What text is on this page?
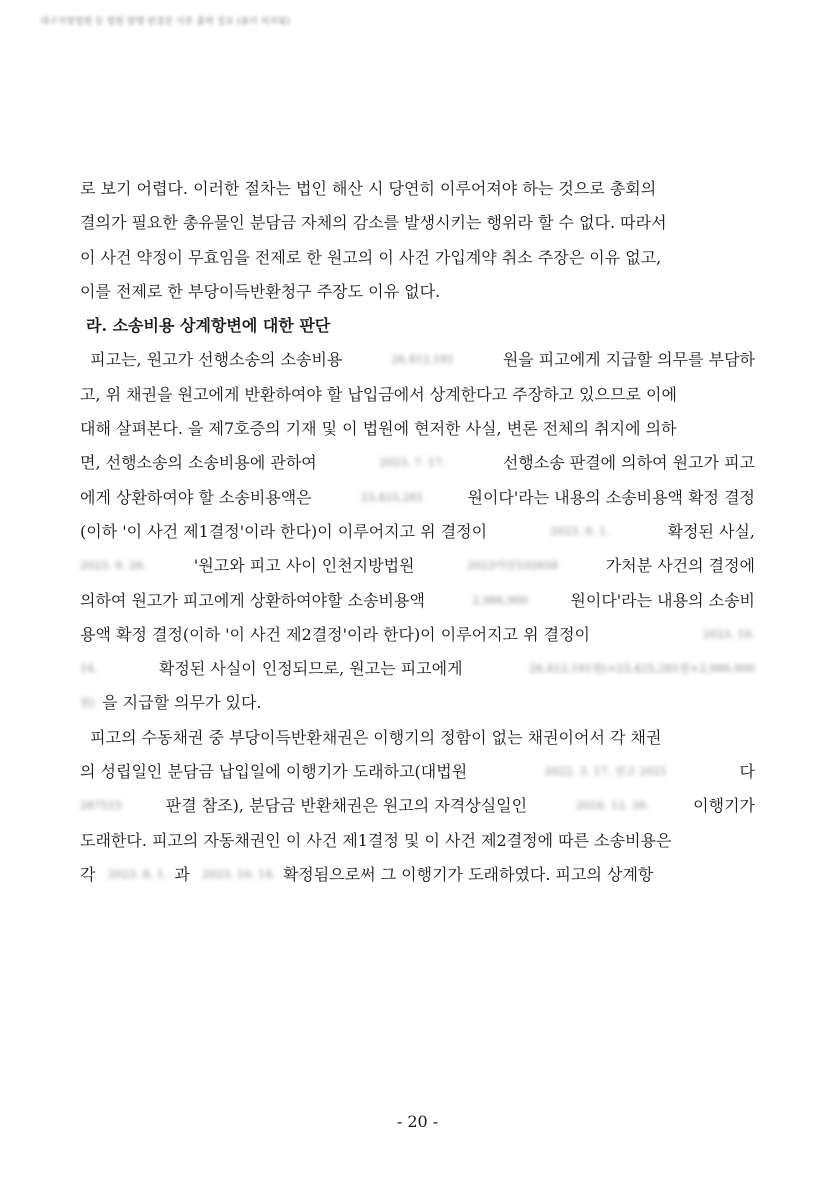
대구지방법원 등 법원 발행 판결문 사본 출력 정보 (블러 처리됨)
로 보기 어렵다. 이러한 절차는 법인 해산 시 당연히 이루어져야 하는 것으로 총회의
결의가 필요한 총유물인 분담금 자체의 감소를 발생시키는 행위라 할 수 없다. 따라서
이 사건 약정이 무효임을 전제로 한 원고의 이 사건 가입계약 취소 주장은 이유 없고,
이를 전제로 한 부당이득반환청구 주장도 이유 없다.
라. 소송비용 상계항변에 대한 판단
피고는, 원고가 선행소송의 소송비용	26,412,181	원을 피고에게 지급할 의무를 부담하
고, 위 채권을 원고에게 반환하여야 할 납입금에서 상계한다고 주장하고 있으므로 이에
대해 살펴본다. 을 제7호증의 기재 및 이 법원에 현저한 사실, 변론 전체의 취지에 의하
면, 선행소송의 소송비용에 관하여	2023. 7. 17.	선행소송 판결에 의하여 원고가 피고
에게 상환하여야 할 소송비용액은	23,425,281	원이다'라는 내용의 소송비용액 확정 결정
(이하 '이 사건 제1결정'이라 한다)이 이루어지고 위 결정이	2023. 8. 1.	확정된 사실,
2023. 9. 26.	'원고와 피고 사이 인천지방법원	2023카단102658	가처분 사건의 결정에
의하여 원고가 피고에게 상환하여야할 소송비용액	2,986,900	원이다'라는 내용의 소송비
용액 확정 결정(이하 '이 사건 제2결정'이라 한다)이 이루어지고 위 결정이	2023. 10.
14.	확정된 사실이 인정되므로, 원고는 피고에게	26,412,181원(=23,425,281원+2,986,900
원) 을 지급할 의무가 있다.
피고의 수동채권 중 부당이득반환채권은 이행기의 정함이 없는 채권이어서 각 채권
의 성립일인 분담금 납입일에 이행기가 도래하고(대법원	2022. 3. 17. 선고 2021	다
287515	판결 참조), 분담금 반환채권은 원고의 자격상실일인	2016. 12. 30.	이행기가
도래한다. 피고의 자동채권인 이 사건 제1결정 및 이 사건 제2결정에 따른 소송비용은
각 2023. 8. 1. 과 2023. 10. 14. 확정됨으로써 그 이행기가 도래하였다. 피고의 상계항
- 20 -
